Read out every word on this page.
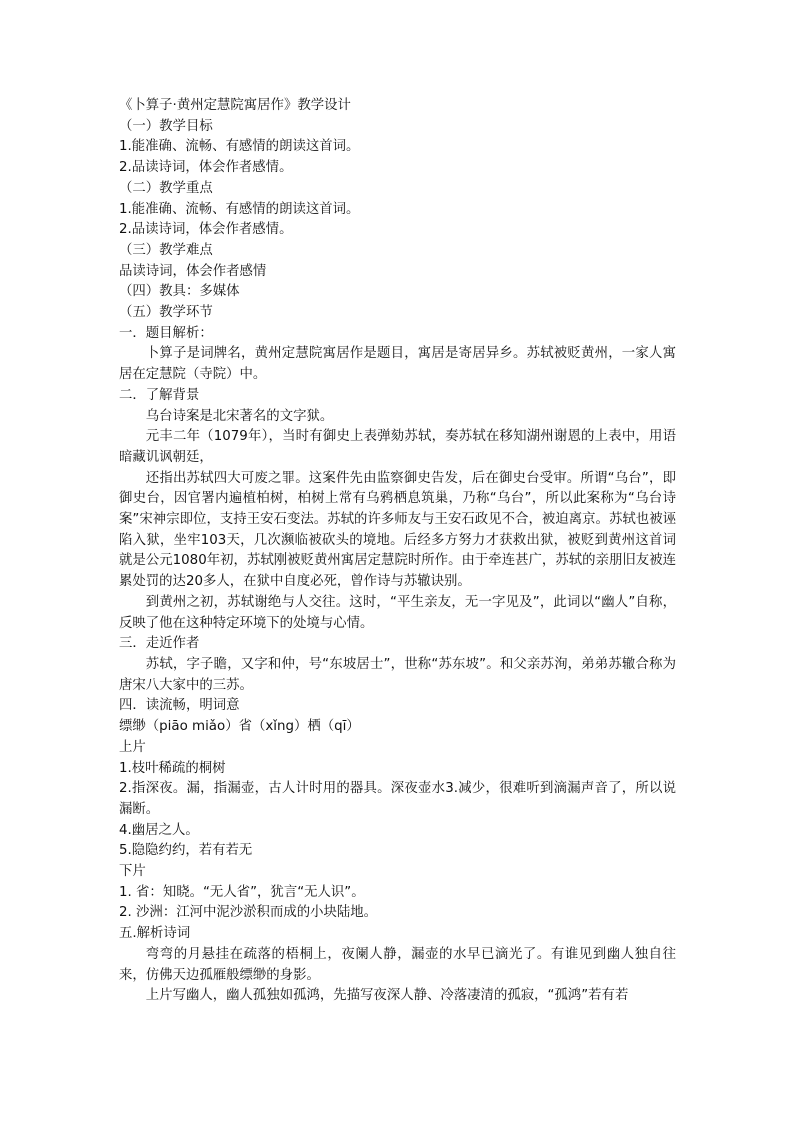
《卜算子·黄州定慧院寓居作》教学设计
（一）教学目标
1.能准确、流畅、有感情的朗读这首词。
2.品读诗词，体会作者感情。
（二）教学重点
1.能准确、流畅、有感情的朗读这首词。
2.品读诗词，体会作者感情。
（三）教学难点
品读诗词，体会作者感情
（四）教具：多媒体
（五）教学环节
一．题目解析：
卜算子是词牌名，黄州定慧院寓居作是题目，寓居是寄居异乡。苏轼被贬黄州，一家人寓居在定慧院（寺院）中。
二．了解背景
乌台诗案是北宋著名的文字狱。
元丰二年（1079年），当时有御史上表弹劾苏轼，奏苏轼在移知湖州谢恩的上表中，用语暗藏讥讽朝廷，
还指出苏轼四大可废之罪。这案件先由监察御史告发，后在御史台受审。所谓“乌台”，即御史台，因官署内遍植柏树，柏树上常有乌鸦栖息筑巢，乃称“乌台”，所以此案称为“乌台诗案”宋神宗即位，支持王安石变法。苏轼的许多师友与王安石政见不合，被迫离京。苏轼也被诬陷入狱，坐牢103天，几次濒临被砍头的境地。后经多方努力才获救出狱，被贬到黄州这首词就是公元1080年初，苏轼刚被贬黄州寓居定慧院时所作。由于牵连甚广，苏轼的亲朋旧友被连累处罚的达20多人，在狱中自度必死，曾作诗与苏辙诀别。
到黄州之初，苏轼谢绝与人交往。这时，“平生亲友，无一字见及”，此词以“幽人”自称，反映了他在这种特定环境下的处境与心情。
三．走近作者
苏轼，字子瞻，又字和仲，号“东坡居士”，世称“苏东坡”。和父亲苏洵，弟弟苏辙合称为唐宋八大家中的三苏。
四．读流畅，明词意
缥缈（piāo miǎo）省（xǐng）栖（qī）
上片
1.枝叶稀疏的桐树
2.指深夜。漏，指漏壶，古人计时用的器具。深夜壶水3.减少，很难听到滴漏声音了，所以说漏断。
4.幽居之人。
5.隐隐约约，若有若无
下片
1. 省：知晓。“无人省”，犹言“无人识”。
2. 沙洲：江河中泥沙淤积而成的小块陆地。
五.解析诗词
弯弯的月悬挂在疏落的梧桐上，夜阑人静，漏壶的水早已滴光了。有谁见到幽人独自往来，仿佛天边孤雁般缥缈的身影。
上片写幽人，幽人孤独如孤鸿，先描写夜深人静、冷落凄清的孤寂，“孤鸿”若有若
